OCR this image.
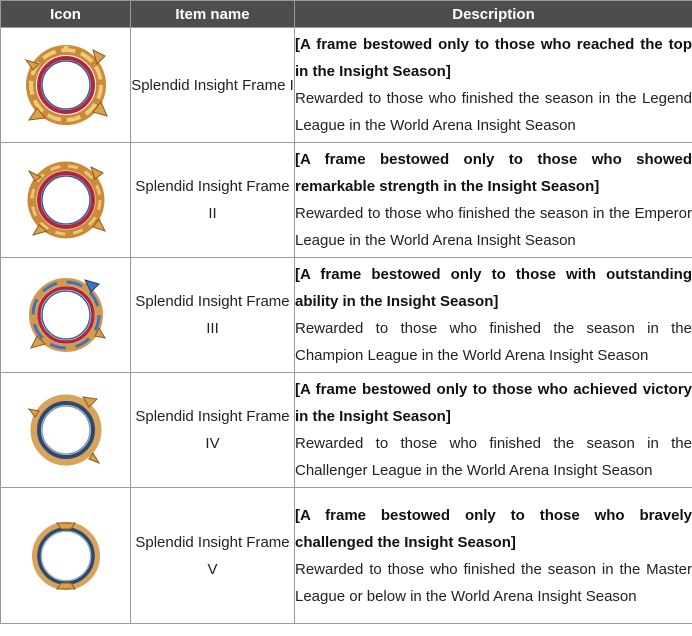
Icon	Item name	Description

	Splendid Insight Frame I	[A frame bestowed only to those who reached the top in the Insight Season]
Rewarded to those who finished the season in the Legend League in the World Arena Insight Season

	Splendid Insight Frame II	[A frame bestowed only to those who showed remarkable strength in the Insight Season]
Rewarded to those who finished the season in the Emperor League in the World Arena Insight Season

	Splendid Insight Frame III	[A frame bestowed only to those with outstanding ability in the Insight Season]
Rewarded to those who finished the season in the Champion League in the World Arena Insight Season

	Splendid Insight Frame IV	[A frame bestowed only to those who achieved victory in the Insight Season]
Rewarded to those who finished the season in the Challenger League in the World Arena Insight Season

	Splendid Insight Frame V	[A frame bestowed only to those who bravely challenged the Insight Season]
Rewarded to those who finished the season in the Master League or below in the World Arena Insight Season
